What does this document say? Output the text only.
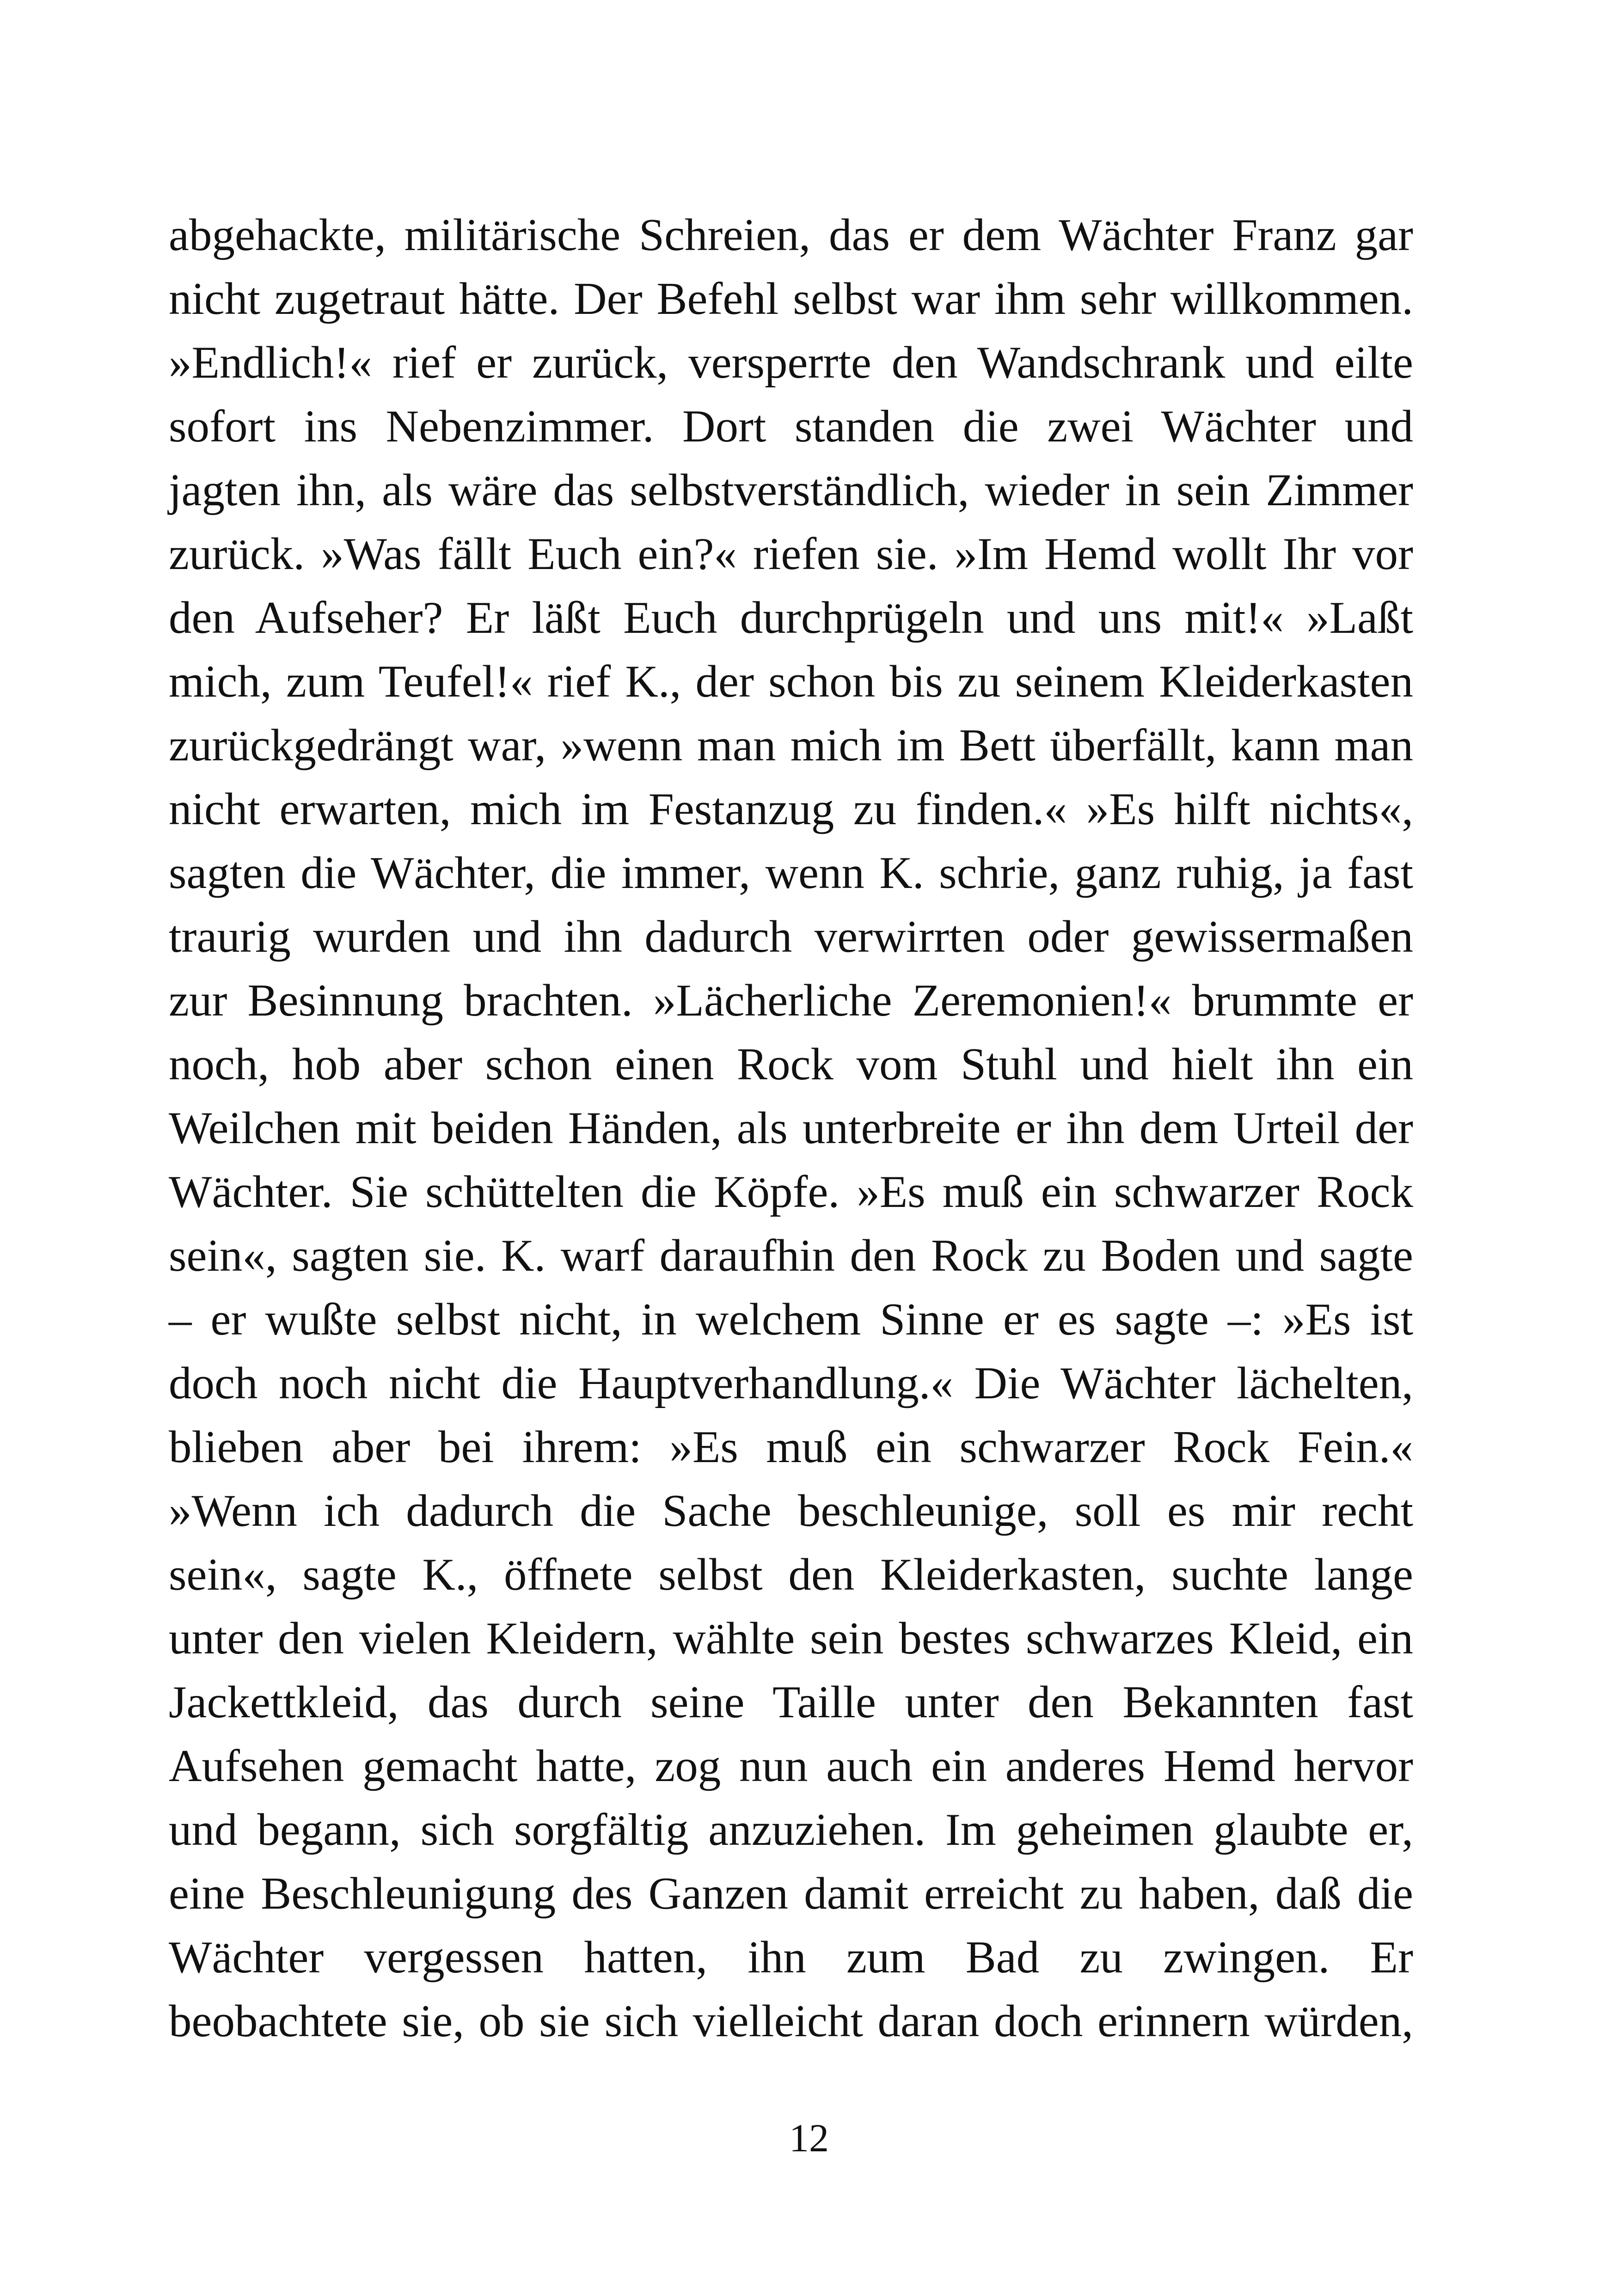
abgehackte, militärische Schreien, das er dem Wächter Franz gar
nicht zugetraut hätte. Der Befehl selbst war ihm sehr willkommen.
»Endlich!« rief er zurück, versperrte den Wandschrank und eilte
sofort ins Nebenzimmer. Dort standen die zwei Wächter und
jagten ihn, als wäre das selbstverständlich, wieder in sein Zimmer
zurück. »Was fällt Euch ein?« riefen sie. »Im Hemd wollt Ihr vor
den Aufseher? Er läßt Euch durchprügeln und uns mit!« »Laßt
mich, zum Teufel!« rief K., der schon bis zu seinem Kleiderkasten
zurückgedrängt war, »wenn man mich im Bett überfällt, kann man
nicht erwarten, mich im Festanzug zu finden.« »Es hilft nichts«,
sagten die Wächter, die immer, wenn K. schrie, ganz ruhig, ja fast
traurig wurden und ihn dadurch verwirrten oder gewissermaßen
zur Besinnung brachten. »Lächerliche Zeremonien!« brummte er
noch, hob aber schon einen Rock vom Stuhl und hielt ihn ein
Weilchen mit beiden Händen, als unterbreite er ihn dem Urteil der
Wächter. Sie schüttelten die Köpfe. »Es muß ein schwarzer Rock
sein«, sagten sie. K. warf daraufhin den Rock zu Boden und sagte
– er wußte selbst nicht, in welchem Sinne er es sagte –: »Es ist
doch noch nicht die Hauptverhandlung.« Die Wächter lächelten,
blieben aber bei ihrem: »Es muß ein schwarzer Rock Fein.«
»Wenn ich dadurch die Sache beschleunige, soll es mir recht
sein«, sagte K., öffnete selbst den Kleiderkasten, suchte lange
unter den vielen Kleidern, wählte sein bestes schwarzes Kleid, ein
Jackettkleid, das durch seine Taille unter den Bekannten fast
Aufsehen gemacht hatte, zog nun auch ein anderes Hemd hervor
und begann, sich sorgfältig anzuziehen. Im geheimen glaubte er,
eine Beschleunigung des Ganzen damit erreicht zu haben, daß die
Wächter vergessen hatten, ihn zum Bad zu zwingen. Er
beobachtete sie, ob sie sich vielleicht daran doch erinnern würden,
12
